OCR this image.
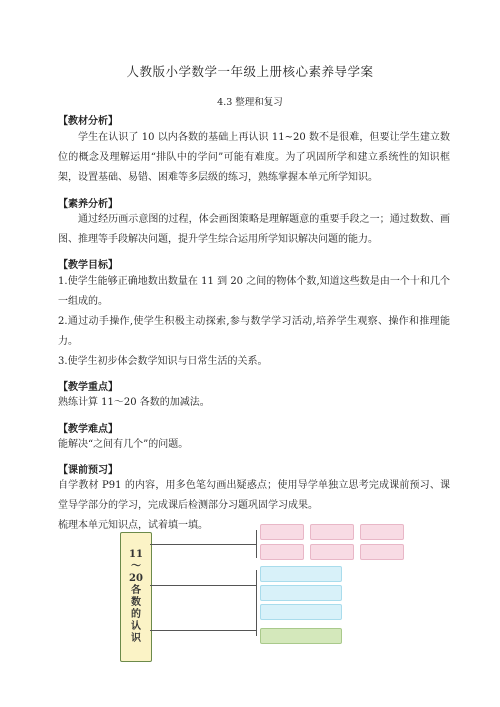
人教版小学数学一年级上册核心素养导学案
4.3 整理和复习
【教材分析】
学生在认识了 10 以内各数的基础上再认识 11~20 数不是很难，但要让学生建立数位的概念及理解运用“排队中的学问”可能有难度。为了巩固所学和建立系统性的知识框架，设置基础、易错、困难等多层级的练习，熟练掌握本单元所学知识。
【素养分析】
通过经历画示意图的过程，体会画图策略是理解题意的重要手段之一；通过数数、画图、推理等手段解决问题，提升学生综合运用所学知识解决问题的能力。
【教学目标】
1.使学生能够正确地数出数量在 11 到 20 之间的物体个数,知道这些数是由一个十和几个一组成的。
2.通过动手操作,使学生积极主动探索,参与数学学习活动,培养学生观察、操作和推理能力。
3.使学生初步体会数学知识与日常生活的关系。
【教学重点】
熟练计算 11～20 各数的加减法。
【教学难点】
能解决“之间有几个”的问题。
【课前预习】
自学教材 P91 的内容，用多色笔勾画出疑惑点；使用导学单独立思考完成课前预习、课堂导学部分的学习，完成课后检测部分习题巩固学习成果。
梳理本单元知识点，试着填一填。
11
～
20
各
数
的
认
识
